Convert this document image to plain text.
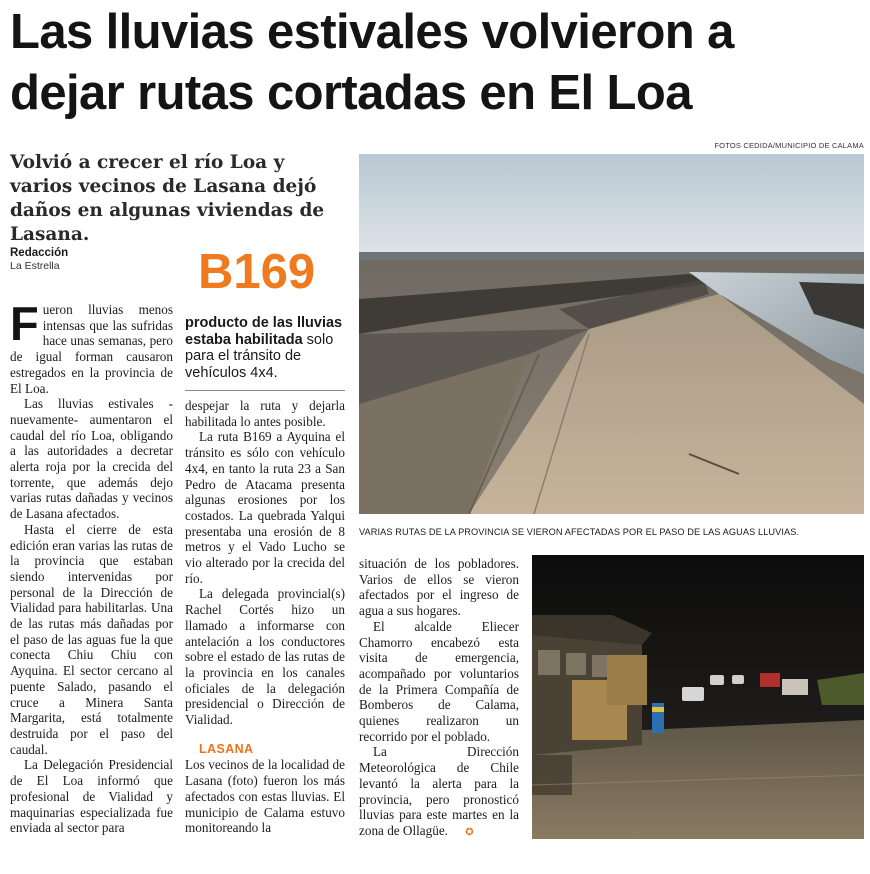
Las lluvias estivales volvieron a
dejar rutas cortadas en El Loa
FOTOS CEDIDA/MUNICIPIO DE CALAMA
Volvió a crecer el río Loa y varios vecinos de Lasana dejó daños en algunas viviendas de Lasana.
Redacción
La Estrella	B169
producto de las lluvias estaba habilitada solo para el tránsito de vehículos 4x4.

Fueron lluvias menos intensas que las sufridas hace unas semanas, pero de igual forman causaron estregados en la provincia de El Loa.

Las lluvias estivales -nuevamente- aumentaron el caudal del río Loa, obligando a las autoridades a decretar alerta roja por la crecida del torrente, que además dejo varias rutas dañadas y vecinos de Lasana afectados.

Hasta el cierre de esta edición eran varias las rutas de la provincia que estaban siendo intervenidas por personal de la Dirección de Vialidad para habilitarlas. Una de las rutas más dañadas por el paso de las aguas fue la que conecta Chiu Chiu con Ayquina. El sector cercano al puente Salado, pasando el cruce a Minera Santa Margarita, está totalmente destruida por el paso del caudal.

La Delegación Presidencial de El Loa informó que profesional de Vialidad y maquinarias especializada fue enviada al sector para

despejar la ruta y dejarla habilitada lo antes posible.

La ruta B169 a Ayquina el tránsito es sólo con vehículo 4x4, en tanto la ruta 23 a San Pedro de Atacama presenta algunas erosiones por los costados. La quebrada Yalqui presentaba una erosión de 8 metros y el Vado Lucho se vio alterado por la crecida del río.

La delegada provincial(s) Rachel Cortés hizo un llamado a informarse con antelación a los conductores sobre el estado de las rutas de la provincia en los canales oficiales de la delegación presidencial o Dirección de Vialidad.

LASANA

Los vecinos de la localidad de Lasana (foto) fueron los más afectados con estas lluvias. El municipio de Calama estuvo monitoreando la

situación de los pobladores. Varios de ellos se vieron afectados por el ingreso de agua a sus hogares.

El alcalde Eliecer Chamorro encabezó esta visita de emergencia, acompañado por voluntarios de la Primera Compañía de Bomberos de Calama, quienes realizaron un recorrido por el poblado.

La Dirección Meteorológica de Chile levantó la alerta para la provincia, pero pronosticó lluvias para este martes en la zona de Ollagüe. ✪

VARIAS RUTAS DE LA PROVINCIA SE VIERON AFECTADAS POR EL PASO DE LAS AGUAS LLUVIAS.
